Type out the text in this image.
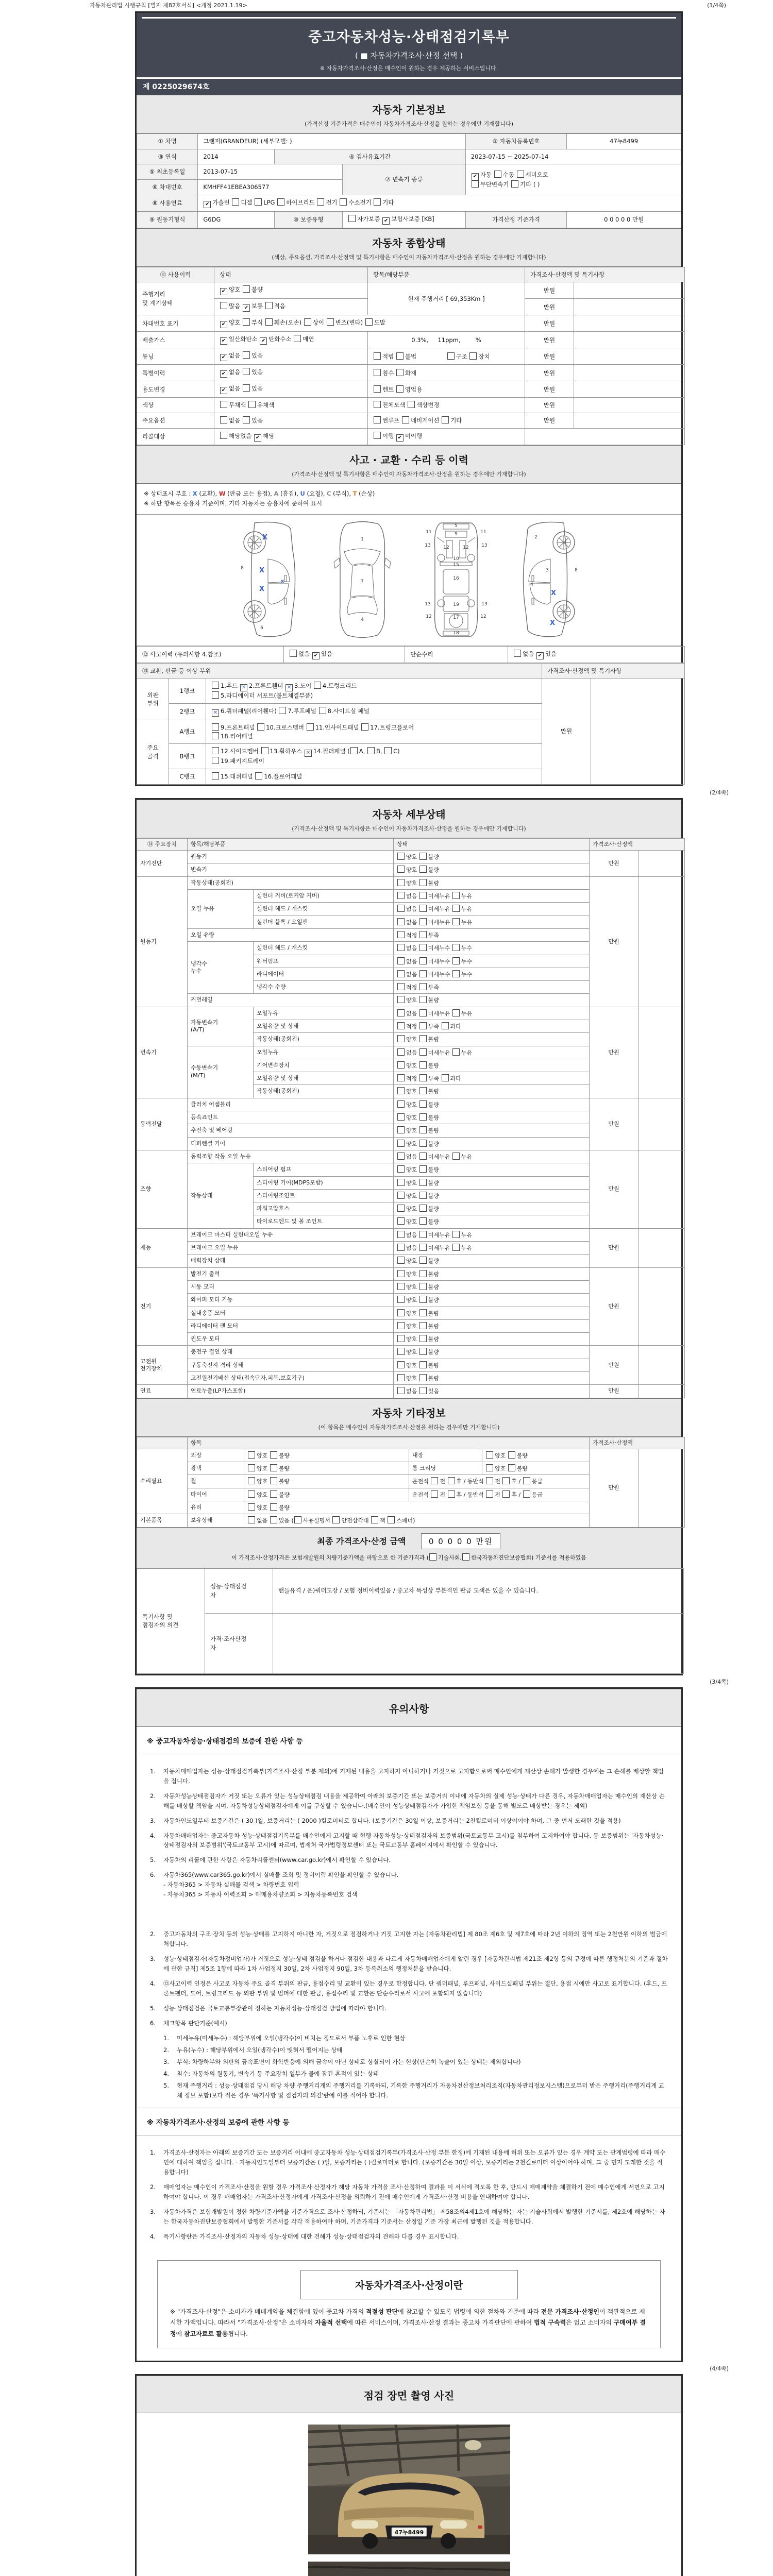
자동차관리법 시행규칙 [별지 제82호서식] <개정 2021.1.19>	(1/4쪽)
중고자동차성능·상태점검기록부
( ■ 자동차가격조사·산정 선택 )
※ 자동차가격조사·산정은 매수인이 원하는 경우 제공하는 서비스입니다.
제 0225029674호
자동차 기본정보
(가격산정 기준가격은 매수인이 자동차가격조사·산정을 원하는 경우에만 기재합니다)
① 차명	그랜저(GRANDEUR) (세부모델: )			② 자동차등록번호	47누8499
③ 연식	2014	④ 검사유효기간		2023-07-15 ~ 2025-07-14	
⑤ 최초등록일	2013-07-15		⑦ 변속기 종류	✔ 자동 수동 세미오토
무단변속기 기타 ( )	
⑥ 차대번호	KMHFF41EBEA306577				
⑧ 사용연료	✔ 가솔린 디젤 LPG 하이브리드 전기 수소전기 기타				
⑨ 원동기형식	G6DG	⑩ 보증유형	자가보증 ✔ 보험사보증 [KB]	가격산정 기준가격	0 0 0 0 0 만원
자동차 종합상태
(색상, 주요옵션, 가격조사·산정액 및 특기사항은 매수인이 자동차가격조사·산정을 원하는 경우에만 기재합니다)
⑪ 사용이력	상태	항목/해당부품	가격조사·산정액 및 특기사항	
주행거리
및 계기상태	✔ 양호 불량	현재 주행거리 [ 69,353Km ]	만원	
	많음 ✔ 보통 적음		만원	
차대번호 표기	✔ 양호 부식 훼손(오손) 상이 변조(변타) 도말		만원	
배출가스	✔ 일산화탄소 ✔ 탄화수소 매연	0.3%,     11ppm,        %	만원	
튜닝	✔ 없음 있음	적법 불법                구조 장치	만원	
특별이력	✔ 없음 있음	침수 화재	만원	
용도변경	✔ 없음 있음	렌트 영업용	만원	
색상	무채색 유채색	전체도색 색상변경	만원	
주요옵션	없음 있음	썬루프 네비게이션 기타	만원	
리콜대상	해당없음 ✔ 해당	이행 ✔ 미이행		
사고 · 교환 · 수리 등 이력
(가격조사·산정액 및 특기사항은 매수인이 자동차가격조사·산정을 원하는 경우에만 기재합니다)
※ 상태표시 부호 : X (교환), W (판금 또는 용접), A (흠집), U (요철), C (부식), T (손상)
※ 하단 항목은 승용차 기준이며, 기타 자동차는 승용차에 준하여 표시
8
6
X
X
x
X
1
7
4
5
9
11	11
13	13
12	12
10
15
16
13	13
19
17
12	12
18
2
3	8
4
X
X
⑫ 사고이력 (유의사항 4.참조)	없음 ✔ 있음	단순수리	없음 ✔ 있음
⑬ 교환, 판금 등 이상 부위			가격조사·산정액 및 특기사항	
외판
부위	1랭크	1.후드 ✕ 2.프론트휀더 ✕ 3.도어 4.트렁크리드
5.라디에이터 서포트(볼트체결부품)	만원	
	2랭크	✕ 6.쿼더패널(리어휀다) 7.루프패널 8.사이드실 패널		
주요
골격	A랭크	9.프론트패널 10.크로스멤버 11.인사이드패널 17.트렁크플로어
18.리어패널		
	B랭크	12.사이드멤버 13.휠하우스 ✕ 14.필러패널 ( A, B, C)
19.패키지트레이		
	C랭크	15.대쉬패널 16.플로어패널		
(2/4쪽)
자동차 세부상태
(가격조사·산정액 및 특기사항은 매수인이 자동차가격조사·산정을 원하는 경우에만 기재합니다)
⑭ 주요장치	항목/해당부품		상태	가격조사·산정액	
자기진단	원동기		양호 불량	만원	
	변속기		양호 불량		
원동기	작동상태(공회전)		양호 불량	만원	
	오일 누유	실린더 커버(로커암 커버)	없음 미세누유 누유		
		실린더 헤드 / 개스킷	없음 미세누유 누유		
		실린더 블록 / 오일팬	없음 미세누유 누유		
	오일 유량		적정 부족		
	냉각수
누수	실린더 헤드 / 개스킷	없음 미세누수 누수		
		워터펌프	없음 미세누수 누수		
		라디에이터	없음 미세누수 누수		
		냉각수 수량	적정 부족		
	커먼레일		양호 불량		
변속기	자동변속기
(A/T)	오일누유	없음 미세누유 누유	만원	
		오일유량 및 상태	적정 부족 과다		
		작동상태(공회전)	양호 불량		
	수동변속기
(M/T)	오일누유	없음 미세누유 누유		
		기어변속장치	양호 불량		
		오일유량 및 상태	적정 부족 과다		
		작동상태(공회전)	양호 불량		
동력전달	클러치 어셈블리		양호 불량	만원	
	등속죠인트		양호 불량		
	추진축 및 베어링		양호 불량		
	디퍼렌셜 기어		양호 불량		
조향	동력조향 작동 오일 누유		없음 미세누유 누유	만원	
	작동상태	스티어링 펌프	양호 불량		
		스티어링 기어(MDPS포함)	양호 불량		
		스티어링조인트	양호 불량		
		파워고압호스	양호 불량		
		타이로드엔드 및 볼 조인트	양호 불량		
제동	브레이크 마스터 실린더오일 누유		없음 미세누유 누유	만원	
	브레이크 오일 누유		없음 미세누유 누유		
	배력장치 상태		양호 불량		
전기	발전기 출력		양호 불량	만원	
	시동 모터		양호 불량		
	와이퍼 모터 기능		양호 불량		
	실내송풍 모터		양호 불량		
	라디에이터 팬 모터		양호 불량		
	윈도우 모터		양호 불량		
고전원
전기장치	충전구 절연 상태		양호 불량	만원	
	구동축전지 격리 상태		양호 불량		
	고전원전기배선 상태(접속단자,피복,보호기구)		양호 불량		
연료	연료누출(LP가스포함)		없음 있음	만원	
자동차 기타정보
(이 항목은 매수인이 자동차가격조사·산정을 원하는 경우에만 기재합니다)
	항목				가격조사·산정액	
수리필요	외장	양호 불량	내장	양호 불량	만원	
	광택	양호 불량	룸 크리닝	양호 불량		
	휠	양호 불량	운전석 전 후 / 동반석 전 후 / 응급			
	타이어	양호 불량	운전석 전 후 / 동반석 전 후 / 응급			
	유리	양호 불량				
기본품목	보유상태	없음 있음 ( 사용설명서 안전삼각대 잭 스패너)				
최종 가격조사·산정 금액	0 0 0 0 0 만원
이 가격조사·산정가격은 보험개발원의 차량기준가액을 바탕으로 한 기준가격과 ( 기술사회, 한국자동차진단보증협회) 기준서를 적용하였음
특기사항 및
점검자의 의견	성능·상태점검
자	핸들유격 / 운)쿼터도장 / 보험 정비이력있음 / 중고차 특성상 부분적인 판금 도색은 있을 수 있습니다.
	가격·조사산정
자	
(3/4쪽)
유의사항
※ 중고자동차성능·상태점검의 보증에 관한 사항 등
1.	자동차매매업자는 성능·상태점검기록부(가격조사·산정 부분 제외)에 기재된 내용을 고지하지 아니하거나 거짓으로 고지함으로써 매수인에게 재산상 손해가 발생한 경우에는 그 손해를 배상할 책임을 집니다.
2.	자동차성능상태점검자가 거짓 또는 오류가 있는 성능상태점검 내용을 제공하여 아래의 보증기간 또는 보증거리 이내에 자동차의 실제 성능·상태가 다른 경우, 자동차매매업자는 매수인의 재산상 손해를 배상할 책임을 지며, 자동차성능상태점검자에게 이를 구상할 수 있습니다.(매수인이 성능상태점검자가 가입한 책임보험 등을 통해 별도로 배상받는 경우는 제외)
3.	자동차인도일부터 보증기간은 ( 30 )일, 보증거리는 ( 2000 )킬로미터로 합니다. (보증기간은 30일 이상, 보증거리는 2천킬로미터 이상이어야 하며, 그 중 먼저 도래한 것을 적용)
4.	자동차매매업자는 중고자동차 성능·상태점검기록부를 매수인에게 고지할 때 현행 자동차성능·상태점검자의 보증범위(국토교통부 고시)를 첨부하여 고지하여야 합니다. 동 보증범위는 '자동차성능·상태점검자의 보증범위'(국토교통부 고시)에 따르며, 법제처 국가법령정보센터 또는 국토교통부 홈페이지에서 확인할 수 있습니다.
5.	자동차의 리콜에 관한 사항은 자동차리콜센터(www.car.go.kr)에서 확인할 수 있습니다.
6.	자동차365(www.car365.go.kr)에서 실매물 조회 및 정비이력 확인을 확인할 수 있습니다.
- 자동차365 > 자동차 실매물 검색 > 차량번호 입력
- 자동차365 > 자동차 이력조회 > 매매용차량조회 > 자동차등록번호 검색
2.	중고자동차의 구조·장치 등의 성능·상태를 고지하지 아니한 자, 거짓으로 점검하거나 거짓 고지한 자는 [자동차관리법] 제 80조 제6호 및 제7호에 따라 2년 이하의 징역 또는 2천만원 이하의 벌금에 처합니다.
3.	성능·상태점검자(자동차정비업자)가 거짓으로 성능·상태 점검을 하거나 점검한 내용과 다르게 자동차매매업자에게 알린 경우 [자동차관리법 제21조 제2항 등의 규정에 따른 행정처분의 기준과 절차에 관한 규칙] 제5조 1항에 따라 1차 사업정지 30일, 2차 사업정지 90일, 3차 등록취소의 행정처분을 받습니다.
4.	⑫사고이력 인정은 사고로 자동차 주요 골격 부위의 판금, 용접수리 및 교환이 있는 경우로 한정합니다. 단 쿼터패널, 루프패널, 사이드실패널 부위는 절단, 용접 시에만 사고로 표기합니다. (후드, 프론트펜더, 도어, 트렁크리드 등 외판 부위 및 범퍼에 대한 판금, 용접수리 및 교환은 단순수리로서 사고에 포함되지 않습니다)
5.	성능·상태점검은 국토교통부장관이 정하는 자동차성능·상태점검 방법에 따라야 합니다.
6.	체크항목 판단기준(예시)
1.	미세누유(미세누수) : 해당부위에 오일(냉각수)이 비치는 정도로서 부품 노후로 인한 현상
2.	누유(누수) : 해당부위에서 오일(냉각수)이 맺혀서 떨어지는 상태
3.	부식: 차량하부와 외판의 금속표면이 화학반응에 의해 금속이 아닌 상태로 상실되어 가는 현상(단순히 녹슬어 있는 상태는 제외합니다)
4.	침수: 자동차의 원동기, 변속기 등 주요장치 일부가 물에 잠긴 흔적이 있는 상태
5.	현재 주행거리 : 성능·상태점검 당시 해당 차량 주행거리계의 주행거리를 기록하되, 기록한 주행거리가 자동차전산정보처리조직(자동차관리정보시스템)으로부터 받은 주행거리(주행거리계 교체 정보 포함)보다 적은 경우 '특기사항 및 점검자의 의견'란에 이를 적어야 합니다.
※ 자동차가격조사·산정의 보증에 관한 사항 등
1.	가격조사·산정자는 아래의 보증기간 또는 보증거리 이내에 중고자동차 성능·상태점검기록부(가격조사·산정 부분 한정)에 기재된 내용에 허위 또는 오류가 있는 경우 계약 또는 관계법령에 따라 매수인에 대하여 책임을 집니다. · 자동차인도일부터 보증기간은 ( )일, 보증거리는 ( )킬로미터로 합니다. (보증기간은 30일 이상, 보증거리는 2천킬로미터 이상이어야 하며, 그 중 먼저 도래한 것을 적용합니다)
2.	매매업자는 매수인이 가격조사·산정을 원할 경우 가격조사·산정자가 해당 자동차 가격을 조사·산정하여 결과를 이 서식에 적도록 한 후, 반드시 매매계약을 체결하기 전에 매수인에게 서면으로 고지하여야 합니다. 이 경우 매매업자는 가격조사·산정자에게 가격조사·산정을 의뢰하기 전에 매수인에게 가격조사·산정 비용을 안내하여야 합니다.
3.	자동차가격은 보험개발원이 정한 차량기준가액을 기준가격으로 조사·산정하되, 기준서는 「자동차관리법」 제58조의4제1호에 해당하는 자는 기술사회에서 발행한 기준서를, 제2호에 해당하는 자는 한국자동차진단보증협회에서 발행한 기준서를 각각 적용하여야 하며, 기준가격과 기준서는 산정일 기준 가장 최근에 발행된 것을 적용합니다.
4.	특기사항란은 가격조사·산정자의 자동차 성능·상태에 대한 견해가 성능·상태점검자의 견해와 다를 경우 표시합니다.
자동차가격조사·산정이란
※ "가격조사·산정"은 소비자가 매매계약을 체결함에 있어 중고차 가격의 적절성 판단에 참고할 수 있도록 법령에 의한 절차와 기준에 따라 전문 가격조사·산정인이 객관적으로 제시한 가액입니다. 따라서 "가격조사·산정"은 소비자의 자율적 선택에 따른 서비스이며, 가격조사·산정 결과는 중고차 가격판단에 관하여 법적 구속력은 없고 소비자의 구매여부 결정에 참고자료로 활용됩니다.
(4/4쪽)
점검 장면 촬영 사진
47누8499
